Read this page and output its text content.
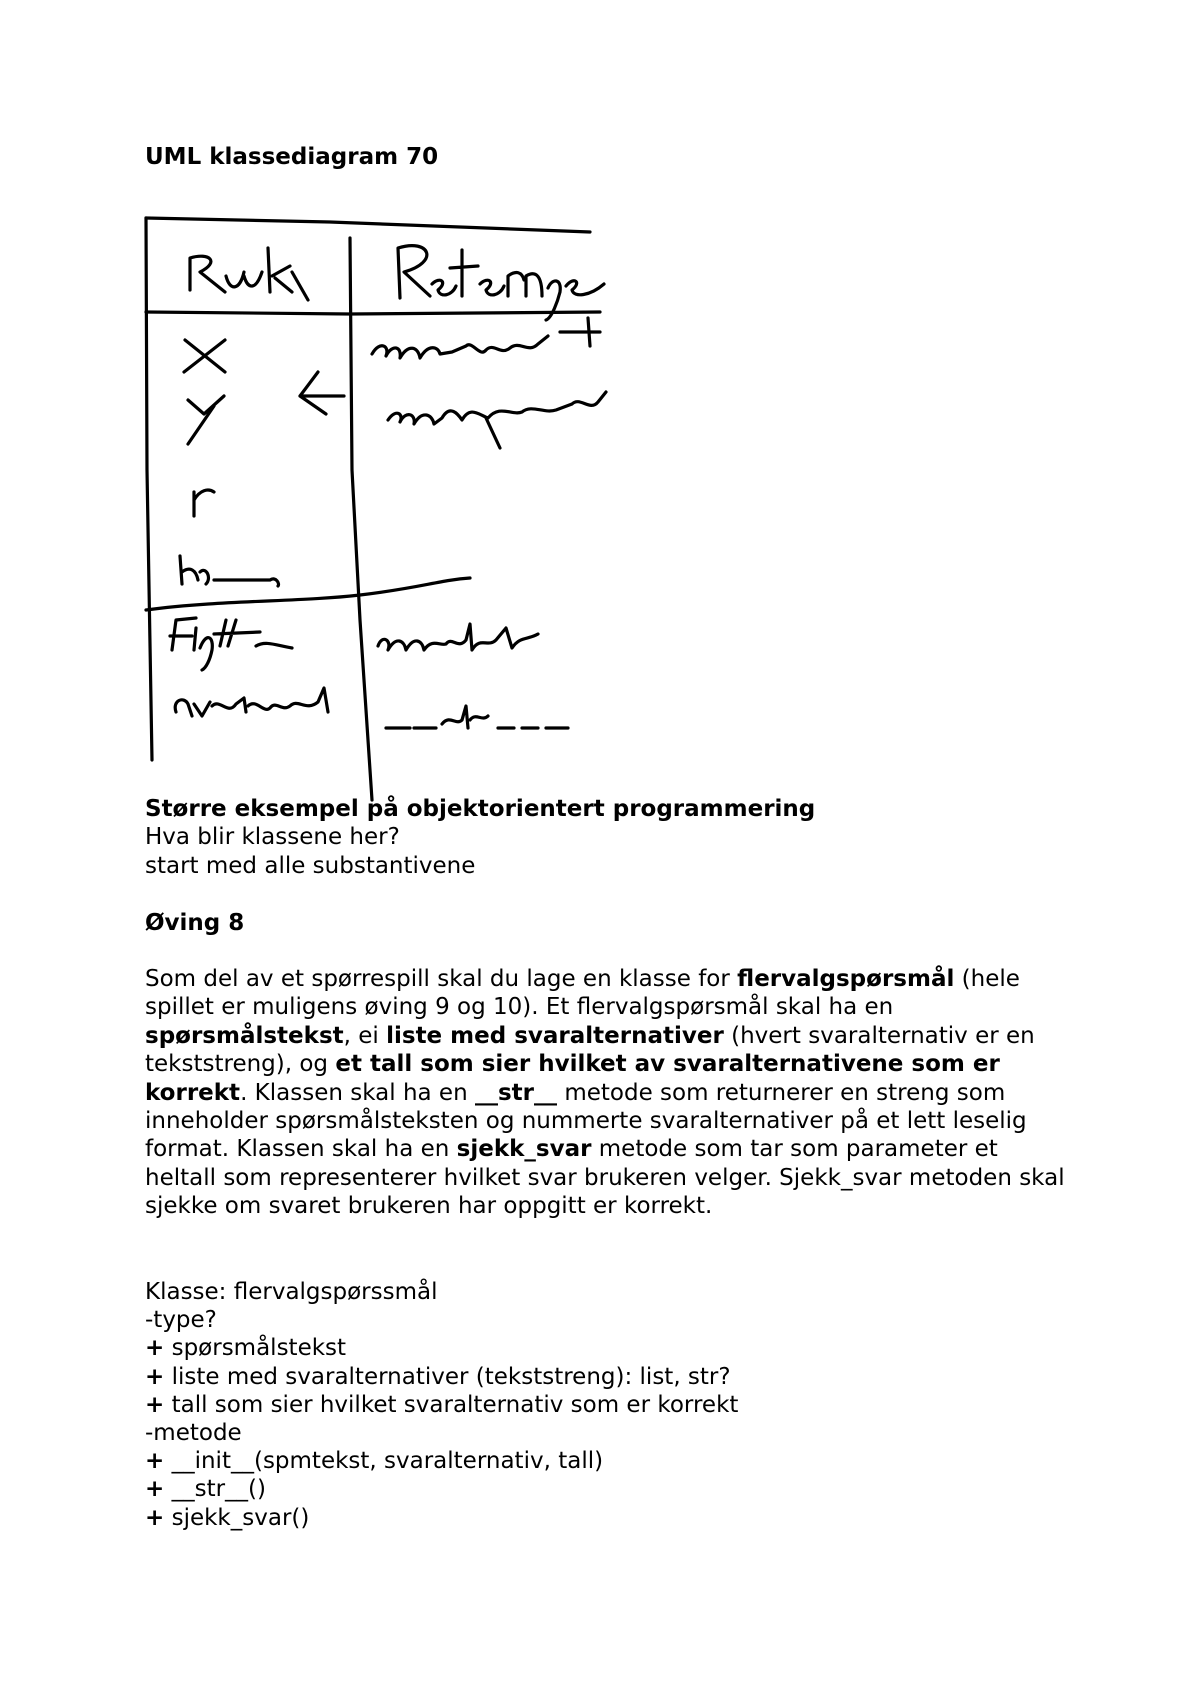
UML klassediagram 70
Større eksempel på objektorientert programmering
Hva blir klassene her?
start med alle substantivene
Øving 8
Som del av et spørrespill skal du lage en klasse for flervalgspørsmål (hele spillet er muligens øving 9 og 10). Et flervalgspørsmål skal ha en spørsmålstekst, ei liste med svaralternativer (hvert svaralternativ er en tekststreng), og et tall som sier hvilket av svaralternativene som er korrekt. Klassen skal ha en __str__ metode som returnerer en streng som inneholder spørsmålsteksten og nummerte svaralternativer på et lett leselig format. Klassen skal ha en sjekk_svar metode som tar som parameter et heltall som representerer hvilket svar brukeren velger. Sjekk_svar metoden skal sjekke om svaret brukeren har oppgitt er korrekt.
Klasse: flervalgspørssmål
-type?
+ spørsmålstekst
+ liste med svaralternativer (tekststreng): list, str?
+ tall som sier hvilket svaralternativ som er korrekt
-metode
+ __init__(spmtekst, svaralternativ, tall)
+ __str__()
+ sjekk_svar()
